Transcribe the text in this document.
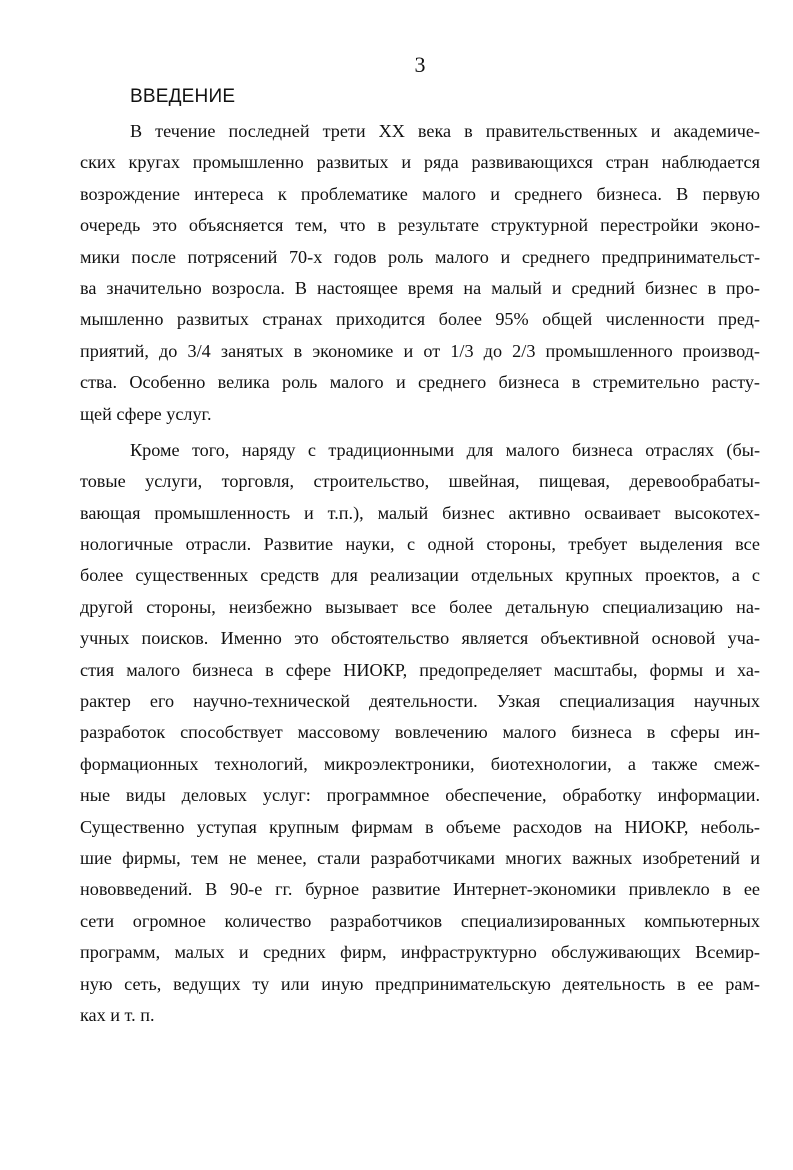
3
ВВЕДЕНИЕ
В течение последней трети XX века в правительственных и академиче-
ских кругах промышленно развитых и ряда развивающихся стран наблюдается
возрождение интереса к проблематике малого и среднего бизнеса. В первую
очередь это объясняется тем, что в результате структурной перестройки эконо-
мики после потрясений 70-х годов роль малого и среднего предпринимательст-
ва значительно возросла. В настоящее время на малый и средний бизнес в про-
мышленно развитых странах приходится более 95% общей численности пред-
приятий, до 3/4 занятых в экономике и от 1/3 до 2/3 промышленного производ-
ства. Особенно велика роль малого и среднего бизнеса в стремительно расту-
щей сфере услуг.
Кроме того, наряду с традиционными для малого бизнеса отраслях (бы-
товые услуги, торговля, строительство, швейная, пищевая, деревообрабаты-
вающая промышленность и т.п.), малый бизнес активно осваивает высокотех-
нологичные отрасли. Развитие науки, с одной стороны, требует выделения все
более существенных средств для реализации отдельных крупных проектов, а с
другой стороны, неизбежно вызывает все более детальную специализацию на-
учных поисков. Именно это обстоятельство является объективной основой уча-
стия малого бизнеса в сфере НИОКР, предопределяет масштабы, формы и ха-
рактер его научно-технической деятельности. Узкая специализация научных
разработок способствует массовому вовлечению малого бизнеса в сферы ин-
формационных технологий, микроэлектроники, биотехнологии, а также смеж-
ные виды деловых услуг: программное обеспечение, обработку информации.
Существенно уступая крупным фирмам в объеме расходов на НИОКР, неболь-
шие фирмы, тем не менее, стали разработчиками многих важных изобретений и
нововведений. В 90-е гг. бурное развитие Интернет-экономики привлекло в ее
сети огромное количество разработчиков специализированных компьютерных
программ, малых и средних фирм, инфраструктурно обслуживающих Всемир-
ную сеть, ведущих ту или иную предпринимательскую деятельность в ее рам-
ках и т. п.
